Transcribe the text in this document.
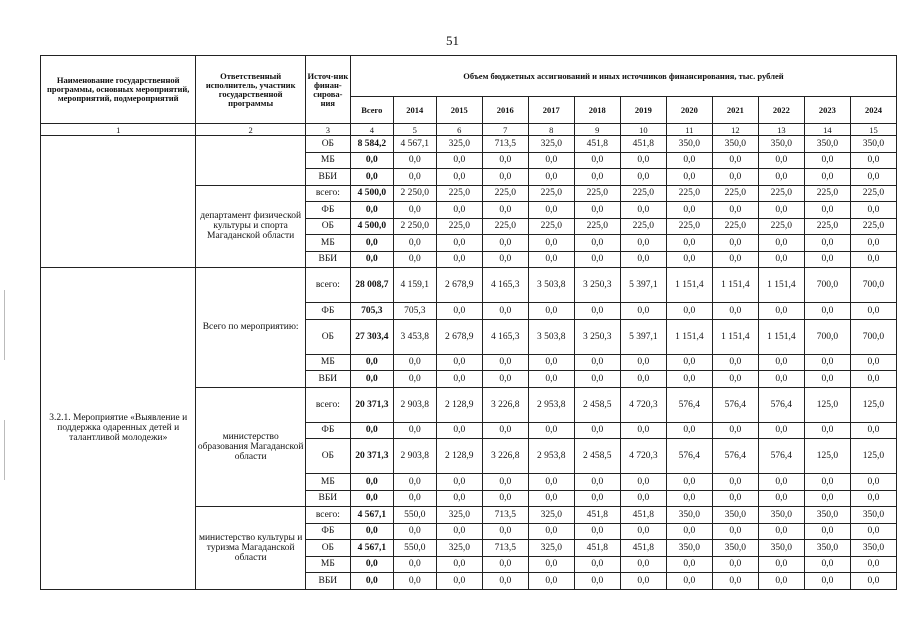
51
Наименование государственной программы, основных мероприятий, мероприятий, подмероприятий	Ответственный исполнитель, участник государственной программы	Источ-ник финан-сирова-ния	Объем бюджетных ассигнований и иных источников финансирования, тыс. рублей											
			Всего	2014	2015	2016	2017	2018	2019	2020	2021	2022	2023	2024
1	2	3	4	5	6	7	8	9	10	11	12	13	14	15
		ОБ	8 584,2	4 567,1	325,0	713,5	325,0	451,8	451,8	350,0	350,0	350,0	350,0	350,0
		МБ	0,0	0,0	0,0	0,0	0,0	0,0	0,0	0,0	0,0	0,0	0,0	0,0
		ВБИ	0,0	0,0	0,0	0,0	0,0	0,0	0,0	0,0	0,0	0,0	0,0	0,0
	департамент физической культуры и спорта Магаданской области	всего:	4 500,0	2 250,0	225,0	225,0	225,0	225,0	225,0	225,0	225,0	225,0	225,0	225,0
		ФБ	0,0	0,0	0,0	0,0	0,0	0,0	0,0	0,0	0,0	0,0	0,0	0,0
		ОБ	4 500,0	2 250,0	225,0	225,0	225,0	225,0	225,0	225,0	225,0	225,0	225,0	225,0
		МБ	0,0	0,0	0,0	0,0	0,0	0,0	0,0	0,0	0,0	0,0	0,0	0,0
		ВБИ	0,0	0,0	0,0	0,0	0,0	0,0	0,0	0,0	0,0	0,0	0,0	0,0
3.2.1. Мероприятие «Выявление и поддержка одаренных детей и талантливой молодежи»	Всего по мероприятию:	всего:	28 008,7	4 159,1	2 678,9	4 165,3	3 503,8	3 250,3	5 397,1	1 151,4	1 151,4	1 151,4	700,0	700,0
		ФБ	705,3	705,3	0,0	0,0	0,0	0,0	0,0	0,0	0,0	0,0	0,0	0,0
		ОБ	27 303,4	3 453,8	2 678,9	4 165,3	3 503,8	3 250,3	5 397,1	1 151,4	1 151,4	1 151,4	700,0	700,0
		МБ	0,0	0,0	0,0	0,0	0,0	0,0	0,0	0,0	0,0	0,0	0,0	0,0
		ВБИ	0,0	0,0	0,0	0,0	0,0	0,0	0,0	0,0	0,0	0,0	0,0	0,0
	министерство образования Магаданской области	всего:	20 371,3	2 903,8	2 128,9	3 226,8	2 953,8	2 458,5	4 720,3	576,4	576,4	576,4	125,0	125,0
		ФБ	0,0	0,0	0,0	0,0	0,0	0,0	0,0	0,0	0,0	0,0	0,0	0,0
		ОБ	20 371,3	2 903,8	2 128,9	3 226,8	2 953,8	2 458,5	4 720,3	576,4	576,4	576,4	125,0	125,0
		МБ	0,0	0,0	0,0	0,0	0,0	0,0	0,0	0,0	0,0	0,0	0,0	0,0
		ВБИ	0,0	0,0	0,0	0,0	0,0	0,0	0,0	0,0	0,0	0,0	0,0	0,0
	министерство культуры и туризма Магаданской области	всего:	4 567,1	550,0	325,0	713,5	325,0	451,8	451,8	350,0	350,0	350,0	350,0	350,0
		ФБ	0,0	0,0	0,0	0,0	0,0	0,0	0,0	0,0	0,0	0,0	0,0	0,0
		ОБ	4 567,1	550,0	325,0	713,5	325,0	451,8	451,8	350,0	350,0	350,0	350,0	350,0
		МБ	0,0	0,0	0,0	0,0	0,0	0,0	0,0	0,0	0,0	0,0	0,0	0,0
		ВБИ	0,0	0,0	0,0	0,0	0,0	0,0	0,0	0,0	0,0	0,0	0,0	0,0
